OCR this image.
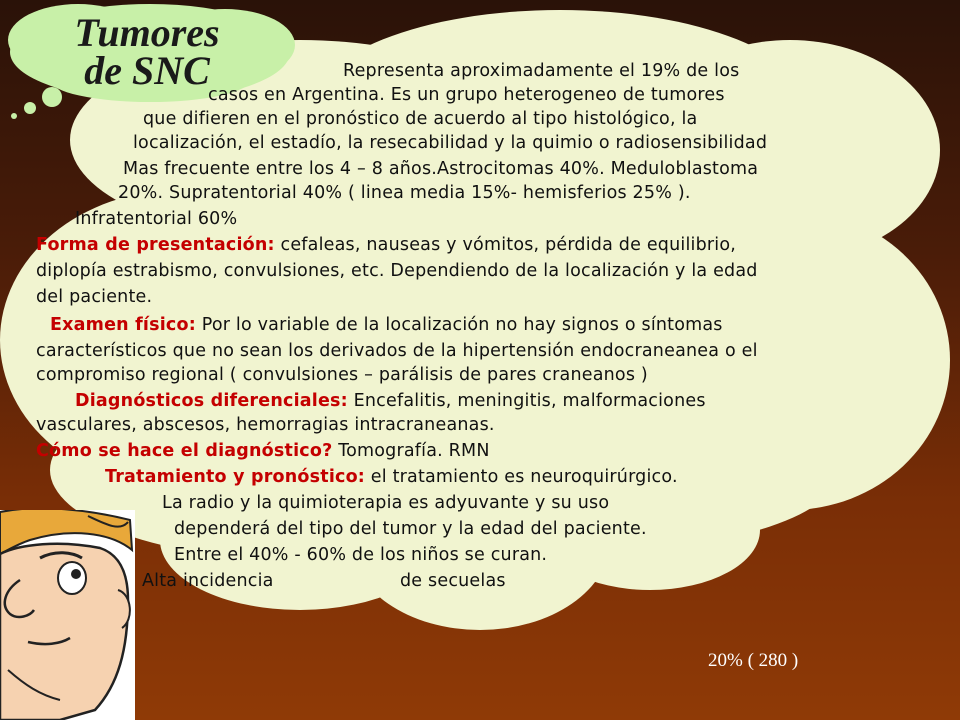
Tumores
de SNC	Representa aproximadamente el 19% de los
casos en Argentina. Es un grupo heterogeneo de tumores
que difieren en el pronóstico de acuerdo al tipo histológico, la
localización, el estadío, la resecabilidad y la quimio o radiosensibilidad
Mas frecuente entre los 4 – 8 años.Astrocitomas 40%. Meduloblastoma
20%. Supratentorial 40% ( linea media 15%- hemisferios 25% ).
Infratentorial 60%
Forma de presentación: cefaleas, nauseas y vómitos, pérdida de equilibrio,
diplopía estrabismo, convulsiones, etc. Dependiendo de la localización y la edad
del paciente.
Examen físico: Por lo variable de la localización no hay signos o síntomas
característicos que no sean los derivados de la hipertensión endocraneanea o el
compromiso regional ( convulsiones – parálisis de pares craneanos )
Diagnósticos diferenciales: Encefalitis, meningitis, malformaciones
vasculares, abscesos, hemorragias intracraneanas.
Cómo se hace el diagnóstico? Tomografía. RMN
Tratamiento y pronóstico: el tratamiento es neuroquirúrgico.
La radio y la quimioterapia es adyuvante y su uso
dependerá del tipo del tumor y la edad del paciente.
Entre el 40% - 60% de los niños se curan.
Alta incidencia	de secuelas
20% ( 280 )
